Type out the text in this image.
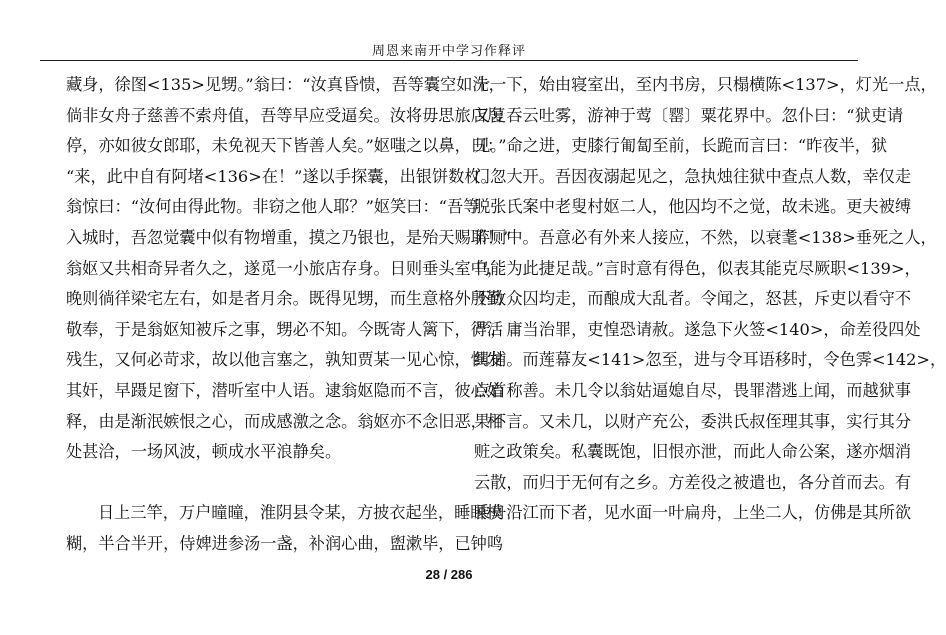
周恩来南开中学习作释评
藏身，徐图<135>见甥。”翁曰：“汝真昏愦，吾等囊空如洗，
倘非女舟子慈善不索舟值，吾等早应受逼矣。汝将毋思旅店居
停，亦如彼女郎耶，未免视天下皆善人矣。”妪嗤之以鼻，曰：
“来，此中自有阿堵<136>在！”遂以手探囊，出银饼数枚。
翁惊曰：“汝何由得此物。非窃之他人耶？”妪笑曰：“吾等
入城时，吾忽觉囊中似有物增重，摸之乃银也，是殆天赐耶！”
翁妪又共相奇异者久之，遂觅一小旅店存身。日则垂头室中，
晚则徜徉梁宅左右，如是者月余。既得见甥，而生意格外殷勤
敬奉，于是翁妪知被斥之事，甥必不知。今既寄人篱下，得活
残生，又何必苛求，故以他言塞之，孰知贾某一见心惊，惧发
其奸，早蹑足窗下，潜听室中人语。逮翁妪隐而不言，彼心始
释，由是渐泯嫉恨之心，而成感激之念。翁妪亦不念旧恶，相
处甚洽，一场风波，顿成水平浪静矣。
日上三竿，万户曈曈，淮阴县令某，方披衣起坐，睡眼模
糊，半合半开，侍婢进参汤一盏，补润心曲，盥漱毕，已钟鸣
十一下，始由寝室出，至内书房，只榻横陈<137>，灯光一点，
又复吞云吐雾，游神于莺〔罂〕粟花界中。忽仆曰：“狱吏请
见。”命之进，吏膝行匍匐至前，长跪而言曰：“昨夜半，狱
门忽大开。吾因夜溺起见之，急执烛往狱中查点人数，幸仅走
脱张氏案中老叟村妪二人，他囚均不之觉，故未逃。更夫被缚
弃厕中。吾意必有外来人接应，不然，以衰耄<138>垂死之人，
乌能为此捷足哉。”言时意有得色，似表其能克尽厥职<139>，
不致众囚均走，而酿成大乱者。令闻之，怒甚，斥吏以看守不
严，庸当治罪，吏惶恐请赦。遂急下火签<140>，命差役四处
缉捕。而莲幕友<141>忽至，进与令耳语移时，令色霁<142>，
点首称善。未几令以翁姑逼媳自尽，畏罪潜逃上闻，而越狱事
果不言。又未几，以财产充公，委洪氏叔侄理其事，实行其分
赃之政策矣。私囊既饱，旧恨亦泄，而此人命公案，遂亦烟消
云散，而归于无何有之乡。方差役之被遣也，各分首而去。有
乘舟沿江而下者，见水面一叶扁舟，上坐二人，仿佛是其所欲
28 / 286
